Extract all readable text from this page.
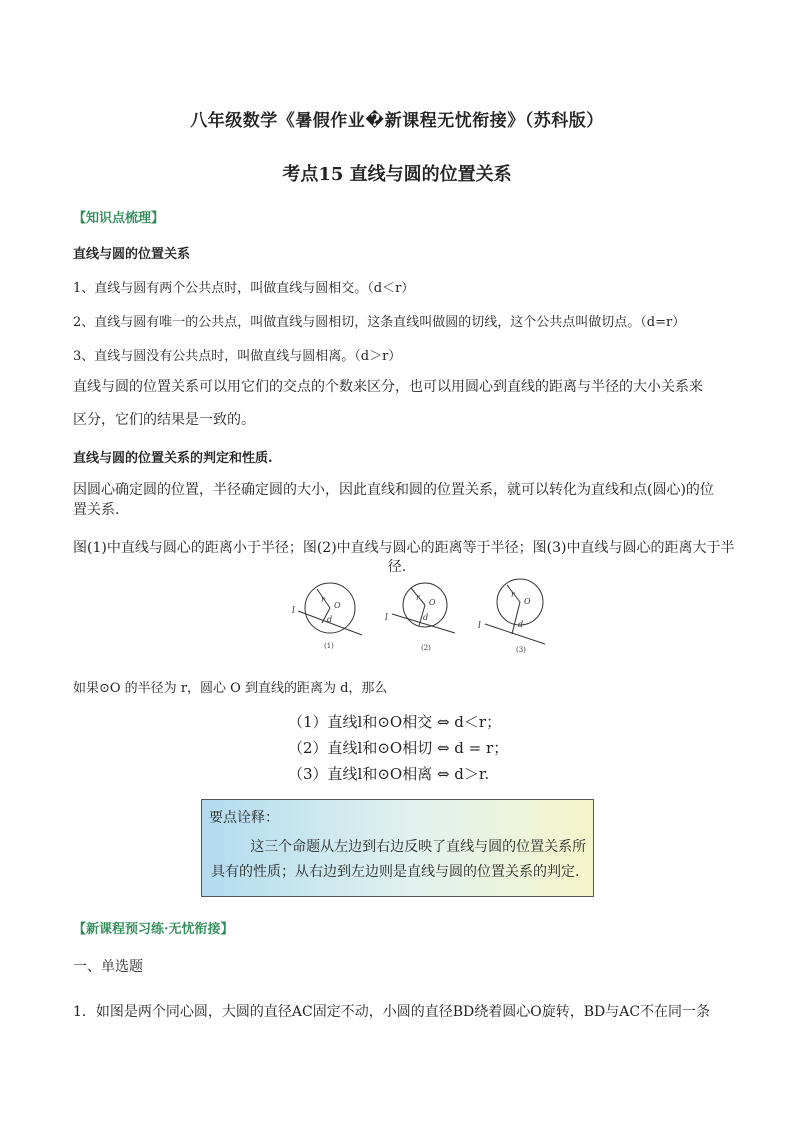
八年级数学《暑假作业�新课程无忧衔接》（苏科版）
考点15 直线与圆的位置关系
【知识点梳理】
直线与圆的位置关系
1、直线与圆有两个公共点时，叫做直线与圆相交。（d＜r）
2、直线与圆有唯一的公共点，叫做直线与圆相切，这条直线叫做圆的切线，这个公共点叫做切点。（d=r）
3、直线与圆没有公共点时，叫做直线与圆相离。（d＞r）
直线与圆的位置关系可以用它们的交点的个数来区分，也可以用圆心到直线的距离与半径的大小关系来
区分，它们的结果是一致的。
直线与圆的位置关系的判定和性质.
因圆心确定圆的位置，半径确定圆的大小，因此直线和圆的位置关系，就可以转化为直线和点(圆心)的位
置关系.
图(1)中直线与圆心的距离小于半径；图(2)中直线与圆心的距离等于半径；图(3)中直线与圆心的距离大于半
径.
l
r
O
d
(1)
l
r
O
d
(2)
l
r
O
d
(3)
如果⊙O 的半径为 r，圆心 O 到直线的距离为 d，那么
（1）直线l和⊙O相交 ⇔ d＜r；
（2）直线l和⊙O相切 ⇔ d = r；
（3）直线l和⊙O相离 ⇔ d＞r.
要点诠释：
这三个命题从左边到右边反映了直线与圆的位置关系所具有的性质；从右边到左边则是直线与圆的位置关系的判定.
【新课程预习练·无忧衔接】
一、单选题
1．如图是两个同心圆，大圆的直径AC固定不动，小圆的直径BD绕着圆心O旋转，BD与AC不在同一条
